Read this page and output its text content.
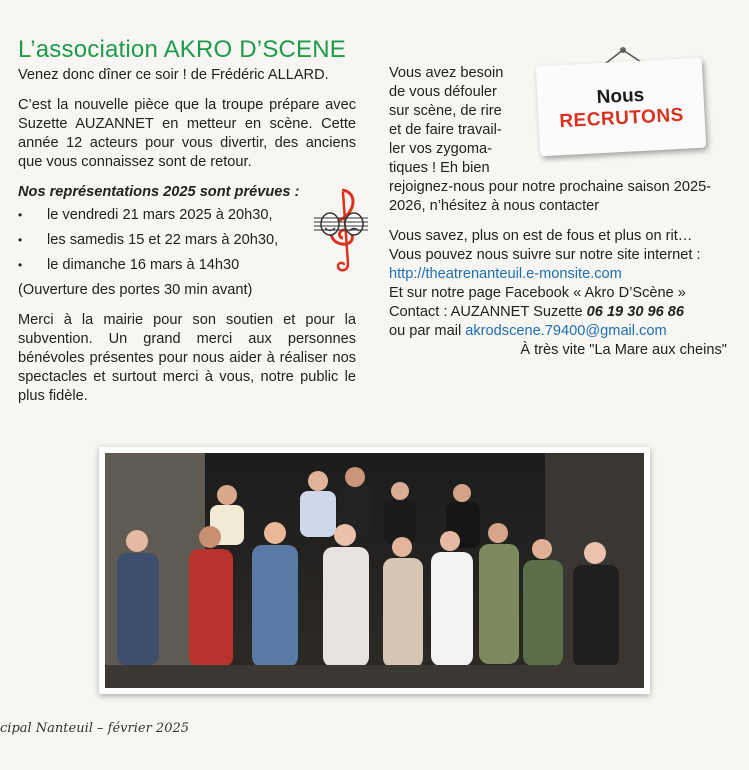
L’association AKRO D’SCENE

Venez donc dîner ce soir ! de Frédéric ALLARD.

C’est la nouvelle pièce que la troupe prépare avec Suzette AUZANNET en metteur en scène. Cette année 12 acteurs pour vous divertir, des anciens que vous connaissez sont de retour.

Nos représentations 2025 sont prévues :
• le vendredi 21 mars 2025 à 20h30,
• les samedis 15 et 22 mars à 20h30,
• le dimanche 16 mars à 14h30
(Ouverture des portes 30 min avant)

Merci à la mairie pour son soutien et pour la subvention. Un grand merci aux personnes bénévoles présentes pour nous aider à réaliser nos spectacles et surtout merci à vous, notre public le plus fidèle.

Vous avez besoin

de vous défouler

sur scène, de rire

et de faire travail-

ler vos zygoma-

tiques ! Eh bien

rejoignez-nous pour notre prochaine saison 2025-2026, n’hésitez à nous contacter

Vous savez, plus on est de fous et plus on rit…

Vous pouvez nous suivre sur notre site internet :

http://theatrenanteuil.e-monsite.com

Et sur notre page Facebook « Akro D’Scène »

Contact : AUZANNET Suzette 06 19 30 96 86

ou par mail akrodscene.79400@gmail.com

À très vite "La Mare aux cheins"

Nous
RECRUTONS
cipal Nanteuil – février 2025
